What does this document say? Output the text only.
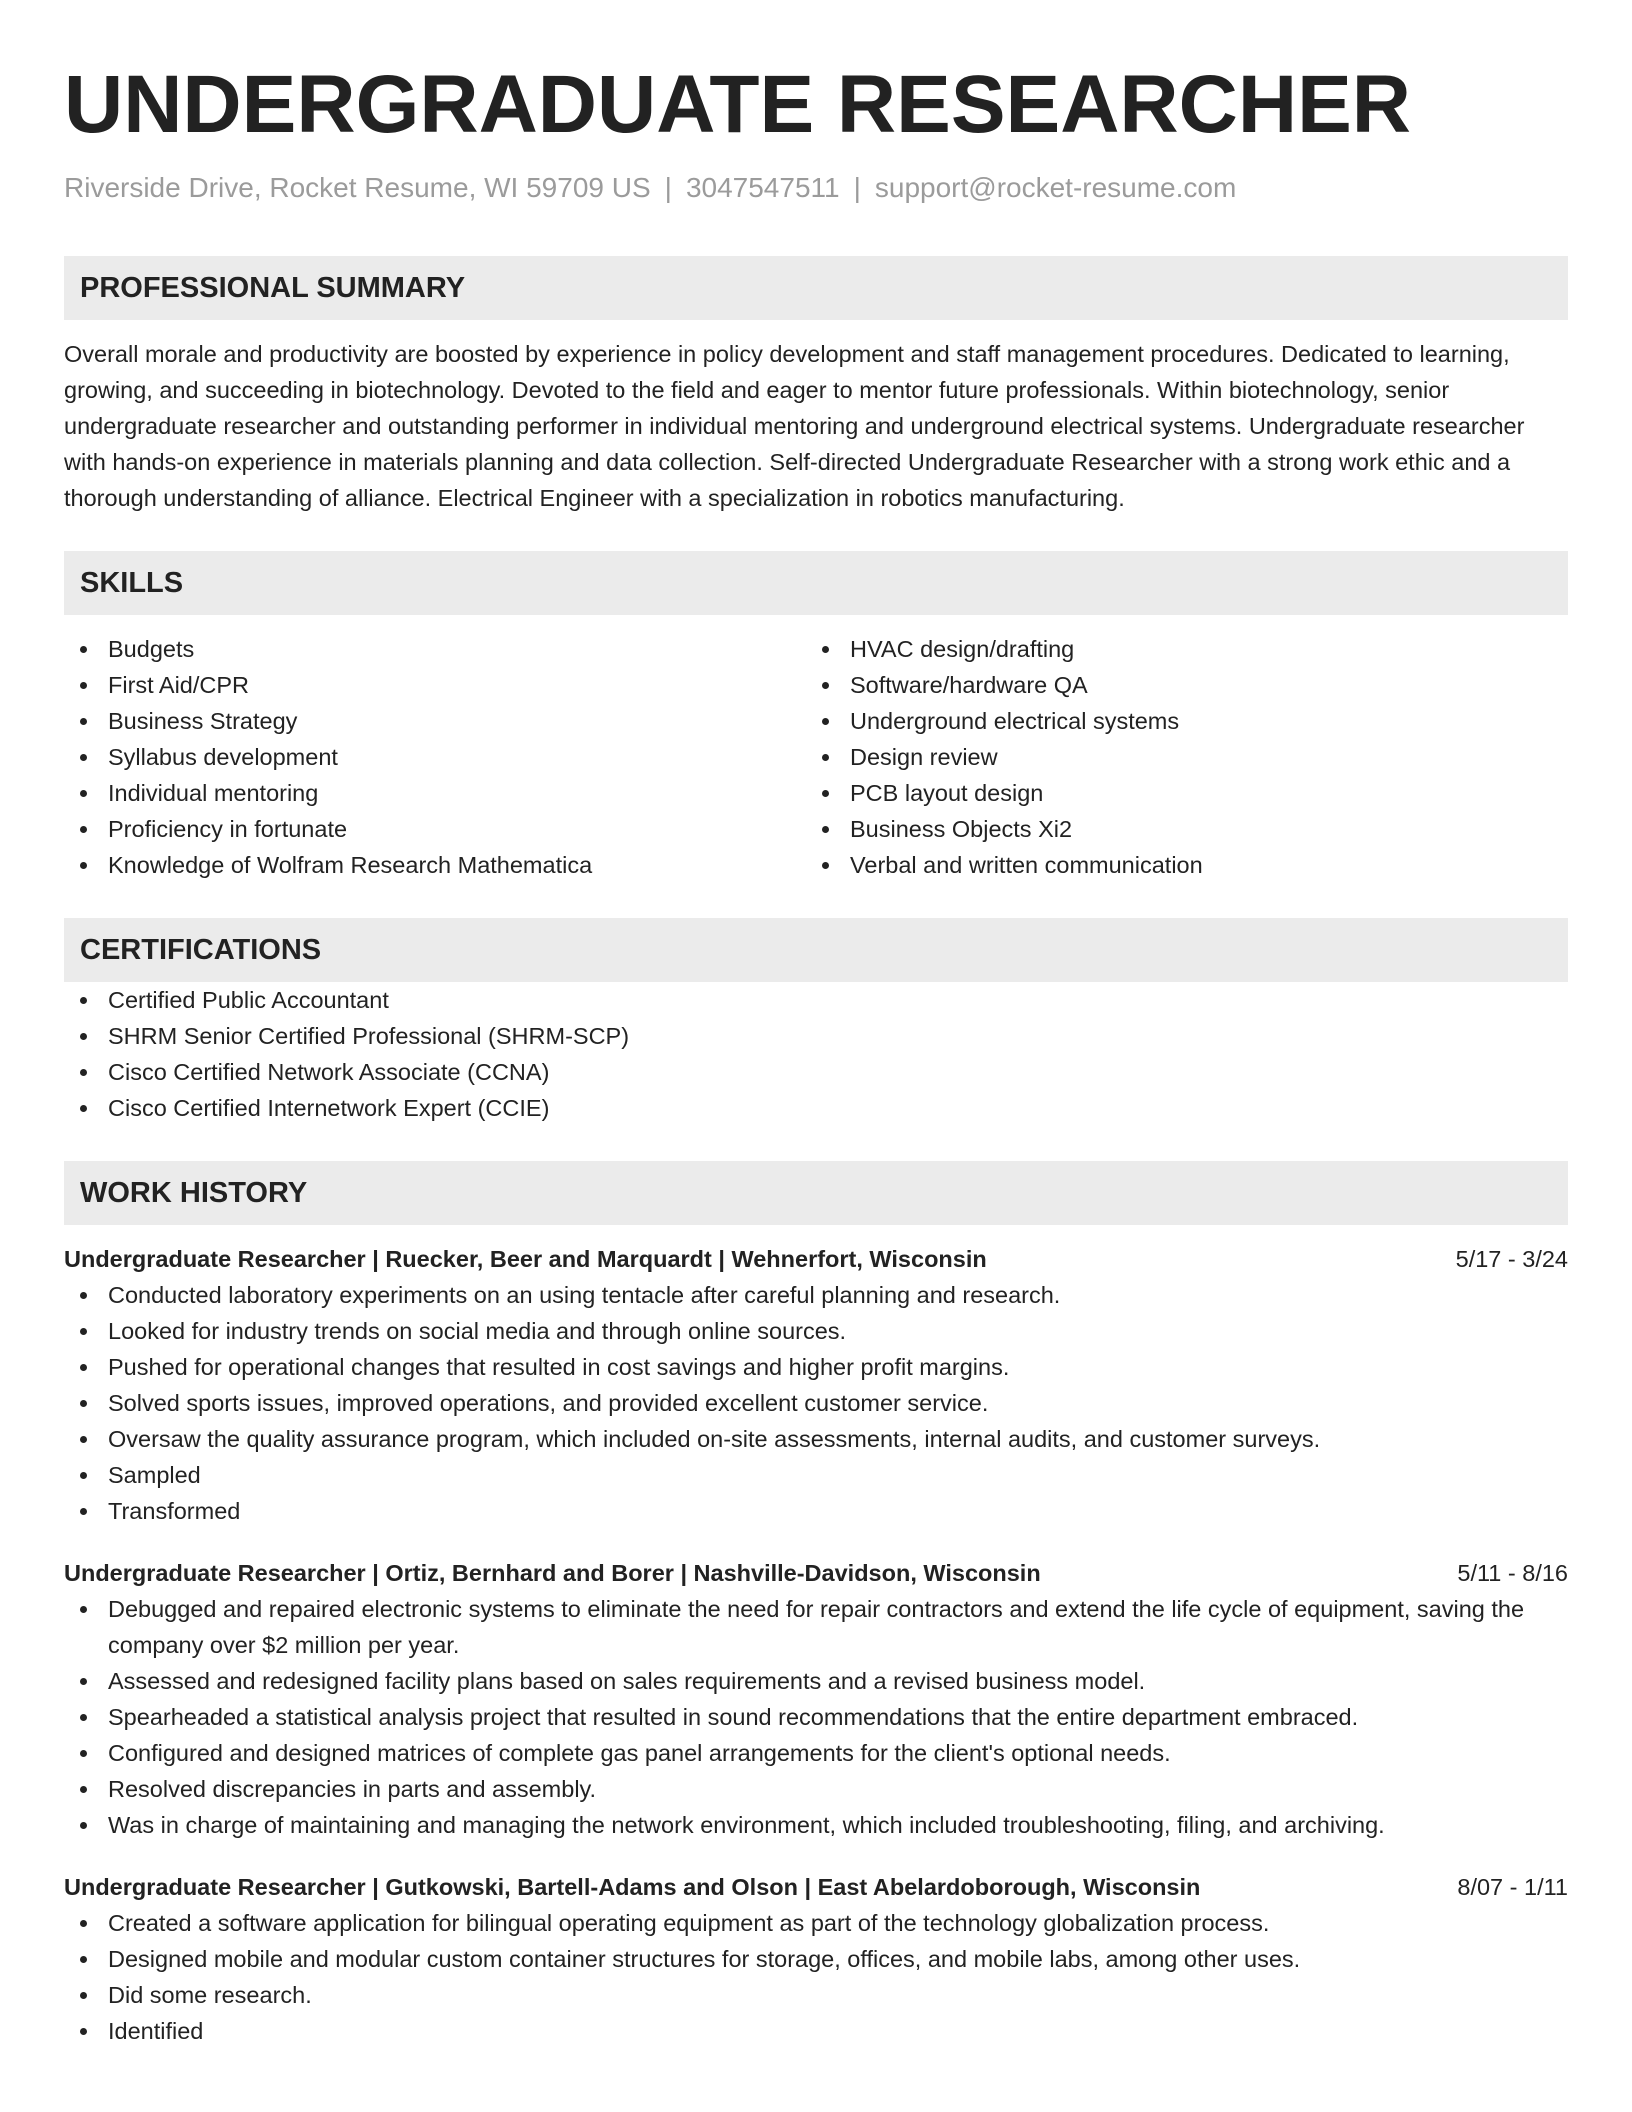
UNDERGRADUATE RESEARCHER
Riverside Drive, Rocket Resume, WI 59709 US | 3047547511 | support@rocket-resume.com
PROFESSIONAL SUMMARY
Overall morale and productivity are boosted by experience in policy development and staff management procedures. Dedicated to learning, growing, and succeeding in biotechnology. Devoted to the field and eager to mentor future professionals. Within biotechnology, senior undergraduate researcher and outstanding performer in individual mentoring and underground electrical systems. Undergraduate researcher with hands-on experience in materials planning and data collection. Self-directed Undergraduate Researcher with a strong work ethic and a thorough understanding of alliance. Electrical Engineer with a specialization in robotics manufacturing.
SKILLS
Budgets
First Aid/CPR
Business Strategy
Syllabus development
Individual mentoring
Proficiency in fortunate
Knowledge of Wolfram Research Mathematica
HVAC design/drafting
Software/hardware QA
Underground electrical systems
Design review
PCB layout design
Business Objects Xi2
Verbal and written communication
CERTIFICATIONS
Certified Public Accountant
SHRM Senior Certified Professional (SHRM-SCP)
Cisco Certified Network Associate (CCNA)
Cisco Certified Internetwork Expert (CCIE)
WORK HISTORY
Undergraduate Researcher | Ruecker, Beer and Marquardt | Wehnerfort, Wisconsin	5/17 - 3/24
Conducted laboratory experiments on an using tentacle after careful planning and research.
Looked for industry trends on social media and through online sources.
Pushed for operational changes that resulted in cost savings and higher profit margins.
Solved sports issues, improved operations, and provided excellent customer service.
Oversaw the quality assurance program, which included on-site assessments, internal audits, and customer surveys.
Sampled
Transformed
Undergraduate Researcher | Ortiz, Bernhard and Borer | Nashville-Davidson, Wisconsin	5/11 - 8/16
Debugged and repaired electronic systems to eliminate the need for repair contractors and extend the life cycle of equipment, saving the company over $2 million per year.
Assessed and redesigned facility plans based on sales requirements and a revised business model.
Spearheaded a statistical analysis project that resulted in sound recommendations that the entire department embraced.
Configured and designed matrices of complete gas panel arrangements for the client's optional needs.
Resolved discrepancies in parts and assembly.
Was in charge of maintaining and managing the network environment, which included troubleshooting, filing, and archiving.
Undergraduate Researcher | Gutkowski, Bartell-Adams and Olson | East Abelardoborough, Wisconsin	8/07 - 1/11
Created a software application for bilingual operating equipment as part of the technology globalization process.
Designed mobile and modular custom container structures for storage, offices, and mobile labs, among other uses.
Did some research.
Identified
